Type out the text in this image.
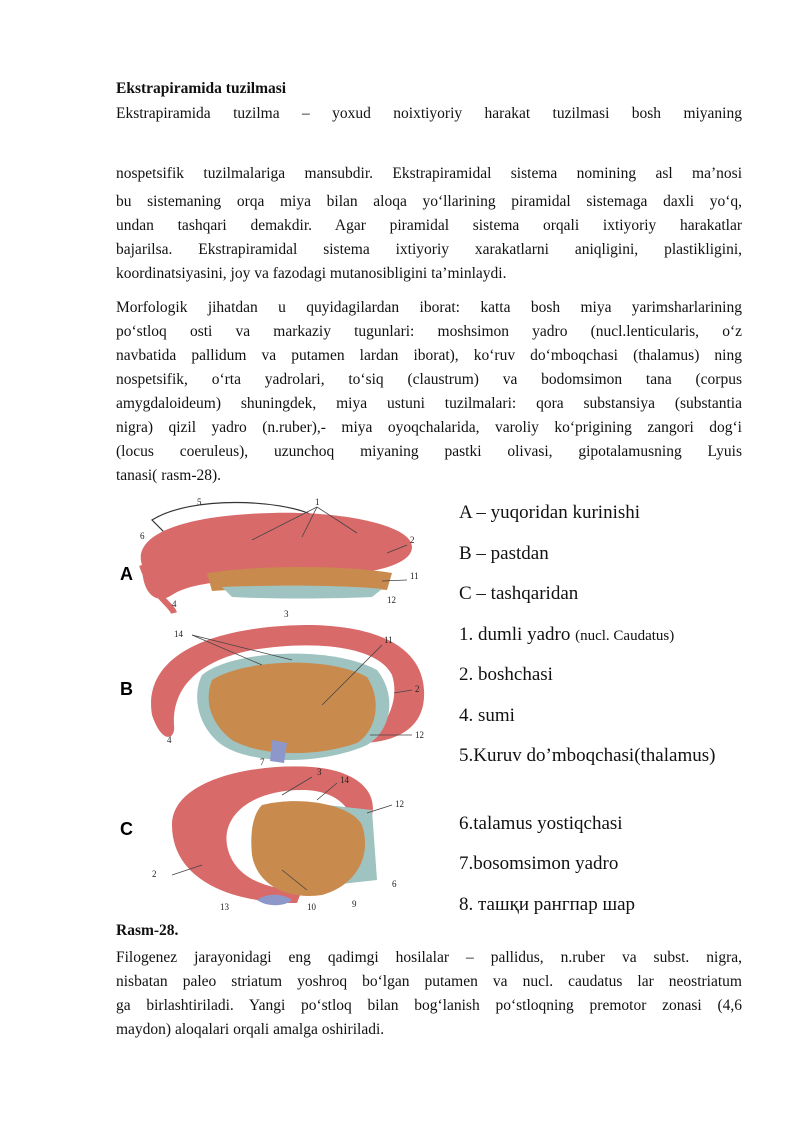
Ekstrapiramida tuzilmasi
Ekstrapiramida tuzilma – yoxud noixtiyoriy harakat tuzilmasi bosh miyaning
nospetsifik tuzilmalariga mansubdir. Ekstrapiramidal sistema nomining asl ma’nosi
bu sistemaning orqa miya bilan aloqa yo‘llarining piramidal sistemaga daxli yo‘q,
undan tashqari demakdir. Agar piramidal sistema orqali ixtiyoriy harakatlar
bajarilsa. Ekstrapiramidal sistema ixtiyoriy xarakatlarni aniqligini, plastikligini,
koordinatsiyasini, joy va fazodagi mutanosibligini ta’minlaydi.
Morfologik jihatdan u quyidagilardan iborat: katta bosh miya yarimsharlarining
po‘stloq osti va markaziy tugunlari: moshsimon yadro (nucl.lenticularis, o‘z
navbatida pallidum va putamen lardan iborat), ko‘ruv do‘mboqchasi (thalamus) ning
nospetsifik, o‘rta yadrolari, to‘siq (claustrum) va bodomsimon tana (corpus
amygdaloideum) shuningdek, miya ustuni tuzilmalari: qora substansiya (substantia
nigra) qizil yadro (n.ruber),- miya oyoqchalarida, varoliy ko‘prigining zangori dog‘i
(locus coeruleus), uzunchoq miyaning pastki olivasi, gipotalamusning Lyuis
tanasi( rasm-28).
A
B
C
5	1
6	2
11
4	12
3
14
11
2
4	12
7
3
14
12
2
6
13	10	9
A – yuqoridan kurinishi
B – pastdan
C – tashqaridan
1. dumli yadro (nucl. Caudatus)
2. boshchasi
4. sumi
5.Kuruv do’mboqchasi(thalamus)
6.talamus yostiqchasi
7.bosomsimon yadro
8. ташқи рангпар шар
Rasm-28.
Filogenez jarayonidagi eng qadimgi hosilalar – pallidus, n.ruber va subst. nigra,
nisbatan paleo striatum yoshroq bo‘lgan putamen va nucl. caudatus lar neostriatum
ga birlashtiriladi. Yangi po‘stloq bilan bog‘lanish po‘stloqning premotor zonasi (4,6
maydon) aloqalari orqali amalga oshiriladi.
